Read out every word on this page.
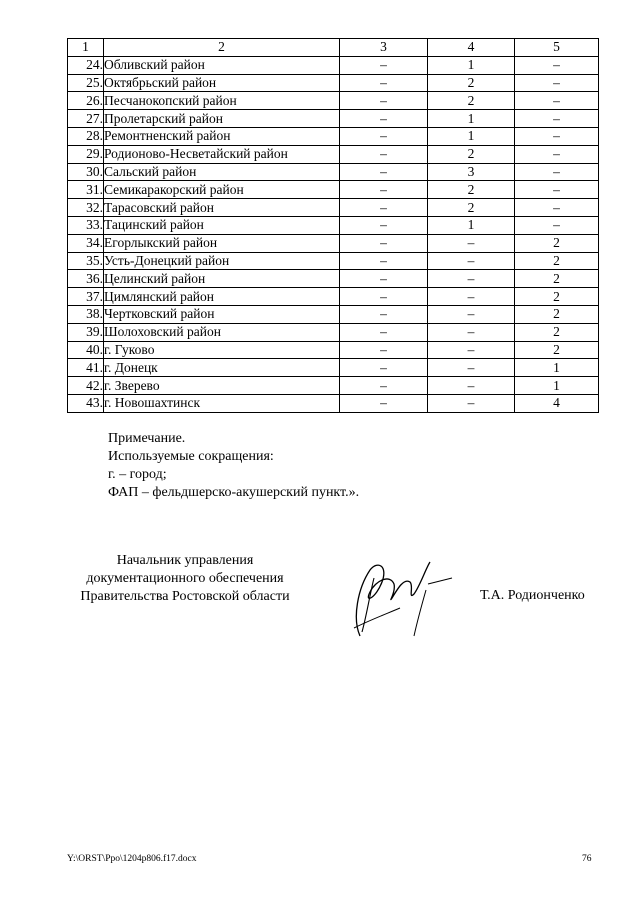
1	2	3	4	5
24.	Обливский район	–	1	–
25.	Октябрьский район	–	2	–
26.	Песчанокопский район	–	2	–
27.	Пролетарский район	–	1	–
28.	Ремонтненский район	–	1	–
29.	Родионово-Несветайский район	–	2	–
30.	Сальский район	–	3	–
31.	Семикаракорский район	–	2	–
32.	Тарасовский район	–	2	–
33.	Тацинский район	–	1	–
34.	Егорлыкский район	–	–	2
35.	Усть-Донецкий район	–	–	2
36.	Целинский район	–	–	2
37.	Цимлянский район	–	–	2
38.	Чертковский район	–	–	2
39.	Шолоховский район	–	–	2
40.	г. Гуково	–	–	2
41.	г. Донецк	–	–	1
42.	г. Зверево	–	–	1
43.	г. Новошахтинск	–	–	4
Примечание.
Используемые сокращения:
г. – город;
ФАП – фельдшерско-акушерский пункт.».
Начальник управления
документационного обеспечения
Правительства Ростовской области	Т.А. Родионченко
Y:\ORST\Ppo\1204p806.f17.docx	76
